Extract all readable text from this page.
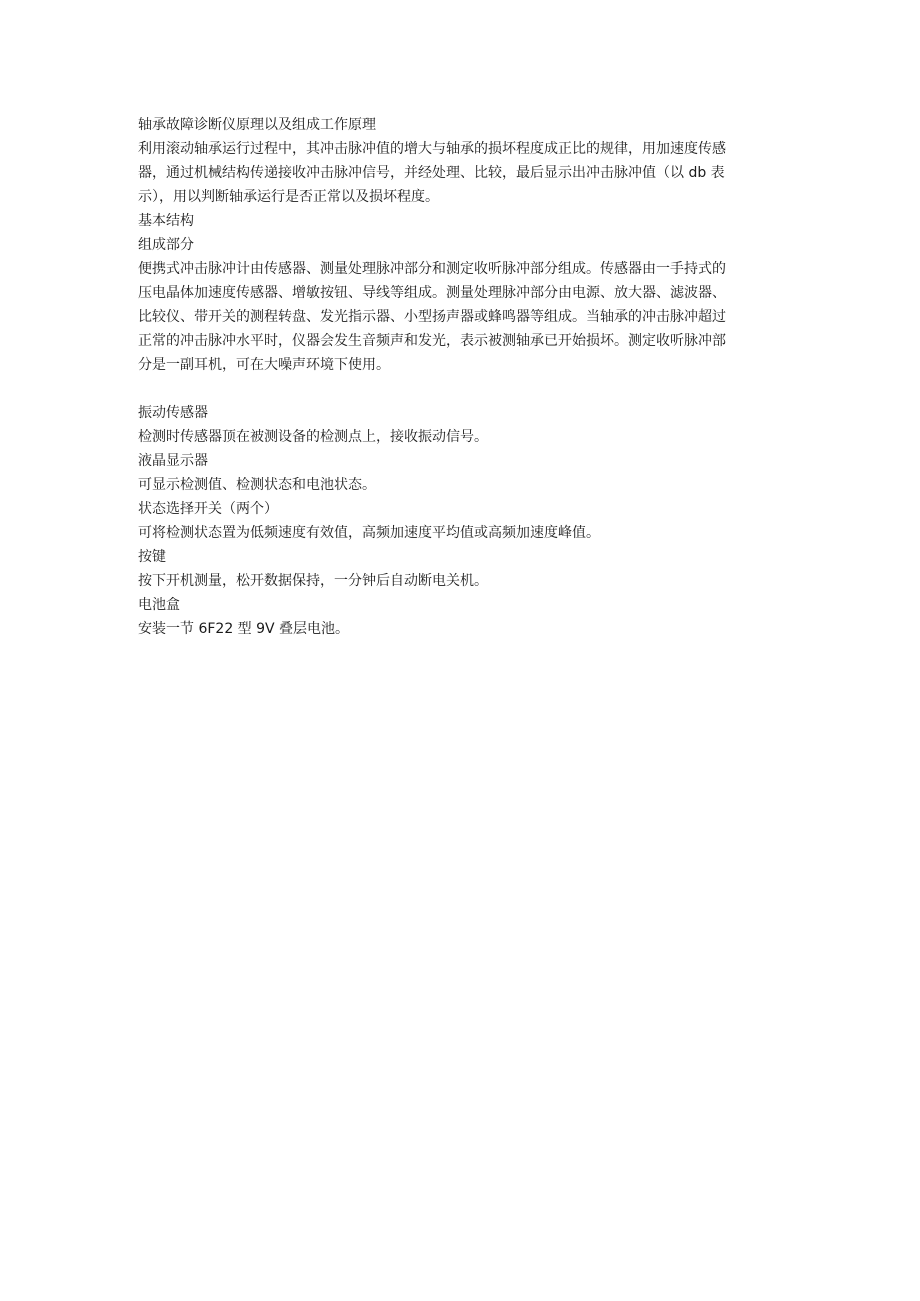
轴承故障诊断仪原理以及组成工作原理

利用滚动轴承运行过程中，其冲击脉冲值的增大与轴承的损坏程度成正比的规律，用加速度传感

器，通过机械结构传递接收冲击脉冲信号，并经处理、比较，最后显示出冲击脉冲值（以 db 表

示），用以判断轴承运行是否正常以及损坏程度。

基本结构

组成部分

便携式冲击脉冲计由传感器、测量处理脉冲部分和测定收听脉冲部分组成。传感器由一手持式的

压电晶体加速度传感器、增敏按钮、导线等组成。测量处理脉冲部分由电源、放大器、滤波器、

比较仪、带开关的测程转盘、发光指示器、小型扬声器或蜂鸣器等组成。当轴承的冲击脉冲超过

正常的冲击脉冲水平时，仪器会发生音频声和发光，表示被测轴承已开始损坏。测定收听脉冲部

分是一副耳机，可在大噪声环境下使用。

振动传感器

检测时传感器顶在被测设备的检测点上，接收振动信号。

液晶显示器

可显示检测值、检测状态和电池状态。

状态选择开关（两个）

可将检测状态置为低频速度有效值，高频加速度平均值或高频加速度峰值。

按键

按下开机测量，松开数据保持，一分钟后自动断电关机。

电池盒

安装一节 6F22 型 9V 叠层电池。
